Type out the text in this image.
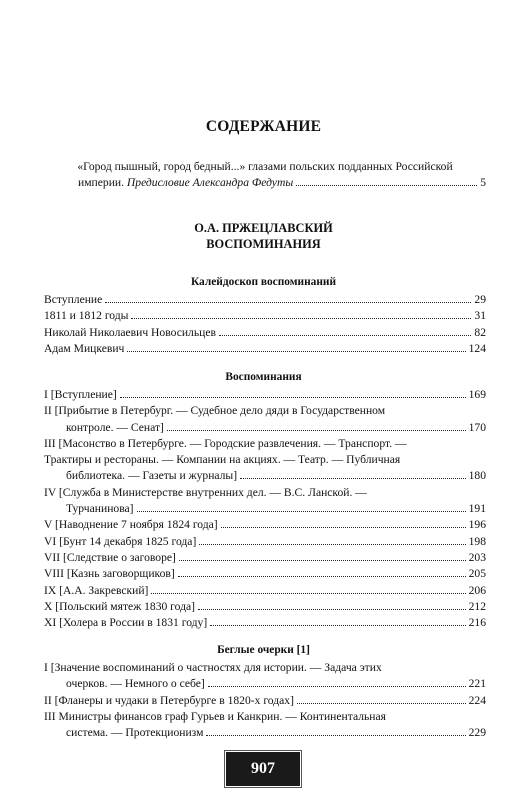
СОДЕРЖАНИЕ
«Город пышный, город бедный...» глазами польских подданных Российской
империи. Предисловие Александра Федуты	5
О.А. ПРЖЕЦЛАВСКИЙ
ВОСПОМИНАНИЯ
Калейдоскоп воспоминаний
Вступление	29
1811 и 1812 годы	31
Николай Николаевич Новосильцев	82
Адам Мицкевич	124
Воспоминания
I [Вступление]	169
II [Прибытие в Петербург. — Судебное дело дяди в Государственном
контроле. — Сенат]	170
III [Масонство в Петербурге. — Городские развлечения. — Транспорт. —
Трактиры и рестораны. — Компании на акциях. — Театр. — Публичная
библиотека. — Газеты и журналы]	180
IV [Служба в Министерстве внутренних дел. — В.С. Ланской. —
Турчанинова]	191
V [Наводнение 7 ноября 1824 года]	196
VI [Бунт 14 декабря 1825 года]	198
VII [Следствие о заговоре]	203
VIII [Казнь заговорщиков]	205
IX [А.А. Закревский]	206
X [Польский мятеж 1830 года]	212
XI [Холера в России в 1831 году]	216
Беглые очерки [1]
I [Значение воспоминаний о частностях для истории. — Задача этих
очерков. — Немного о себе]	221
II [Фланеры и чудаки в Петербурге в 1820-х годах]	224
III Министры финансов граф Гурьев и Канкрин. — Континентальная
система. — Протекционизм	229
907
